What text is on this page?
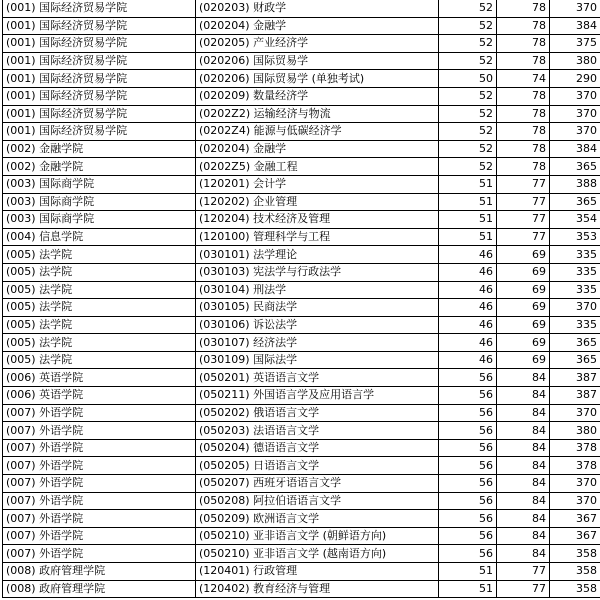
(001) 国际经济贸易学院	(020203) 财政学	52	78	370
(001) 国际经济贸易学院	(020204) 金融学	52	78	384
(001) 国际经济贸易学院	(020205) 产业经济学	52	78	375
(001) 国际经济贸易学院	(020206) 国际贸易学	52	78	380
(001) 国际经济贸易学院	(020206) 国际贸易学 (单独考试)	50	74	290
(001) 国际经济贸易学院	(020209) 数量经济学	52	78	370
(001) 国际经济贸易学院	(0202Z2) 运输经济与物流	52	78	370
(001) 国际经济贸易学院	(0202Z4) 能源与低碳经济学	52	78	370
(002) 金融学院	(020204) 金融学	52	78	384
(002) 金融学院	(0202Z5) 金融工程	52	78	365
(003) 国际商学院	(120201) 会计学	51	77	388
(003) 国际商学院	(120202) 企业管理	51	77	365
(003) 国际商学院	(120204) 技术经济及管理	51	77	354
(004) 信息学院	(120100) 管理科学与工程	51	77	353
(005) 法学院	(030101) 法学理论	46	69	335
(005) 法学院	(030103) 宪法学与行政法学	46	69	335
(005) 法学院	(030104) 刑法学	46	69	335
(005) 法学院	(030105) 民商法学	46	69	370
(005) 法学院	(030106) 诉讼法学	46	69	335
(005) 法学院	(030107) 经济法学	46	69	365
(005) 法学院	(030109) 国际法学	46	69	365
(006) 英语学院	(050201) 英语语言文学	56	84	387
(006) 英语学院	(050211) 外国语言学及应用语言学	56	84	387
(007) 外语学院	(050202) 俄语语言文学	56	84	370
(007) 外语学院	(050203) 法语语言文学	56	84	380
(007) 外语学院	(050204) 德语语言文学	56	84	378
(007) 外语学院	(050205) 日语语言文学	56	84	378
(007) 外语学院	(050207) 西班牙语语言文学	56	84	370
(007) 外语学院	(050208) 阿拉伯语语言文学	56	84	370
(007) 外语学院	(050209) 欧洲语言文学	56	84	367
(007) 外语学院	(050210) 亚非语言文学 (朝鲜语方向)	56	84	367
(007) 外语学院	(050210) 亚非语言文学 (越南语方向)	56	84	358
(008) 政府管理学院	(120401) 行政管理	51	77	358
(008) 政府管理学院	(120402) 教育经济与管理	51	77	358
